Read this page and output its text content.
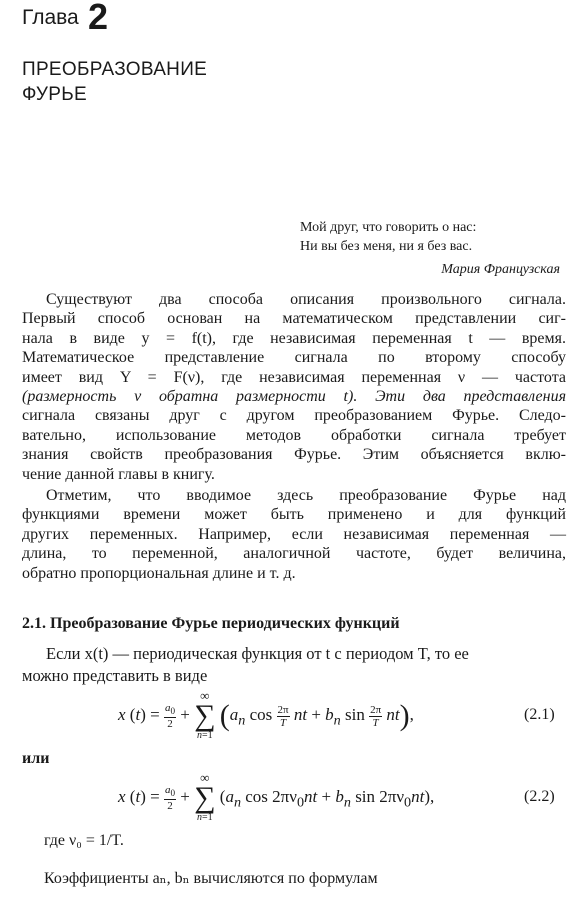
Глава 2
ПРЕОБРАЗОВАНИЕ
ФУРЬЕ
Мой друг, что говорить о нас:
Ни вы без меня, ни я без вас.
Мария Французская
Существуют два способа описания произвольного сигнала.
Первый способ основан на математическом представлении сиг-
нала в виде y = f(t), где независимая переменная t — время.
Математическое представление сигнала по второму способу
имеет вид Y = F(ν), где независимая переменная ν — частота
(размерность ν обратна размерности t). Эти два представления
сигнала связаны друг с другом преобразованием Фурье. Следо-
вательно, использование методов обработки сигнала требует
знания свойств преобразования Фурье. Этим объясняется вклю-
чение данной главы в книгу.
Отметим, что вводимое здесь преобразование Фурье над
функциями времени может быть применено и для функций
других переменных. Например, если независимая переменная —
длина, то переменной, аналогичной частоте, будет величина,
обратно пропорциональная длине и т. д.
2.1. Преобразование Фурье периодических функций
Если x(t) — периодическая функция от t с периодом T, то ее
можно представить в виде
x $(t) = \frac{a_0}{2}$ +
∞
∑
n=1
($a_n$ $\cos \frac{2\pi}{T}$ nt + $b_n$ $\sin \frac{2\pi}{T} nt$),	(2.1)
или
x $(t) = \frac{a_0}{2}$ +
∞
∑
n=1
($a_n$ $\cos 2\pi\nu_0nt + b_n$ $\sin 2\pi\nu_0nt$),	(2.2)
где ν₀ = 1/T.
Коэффициенты aₙ, bₙ вычисляются по формулам
